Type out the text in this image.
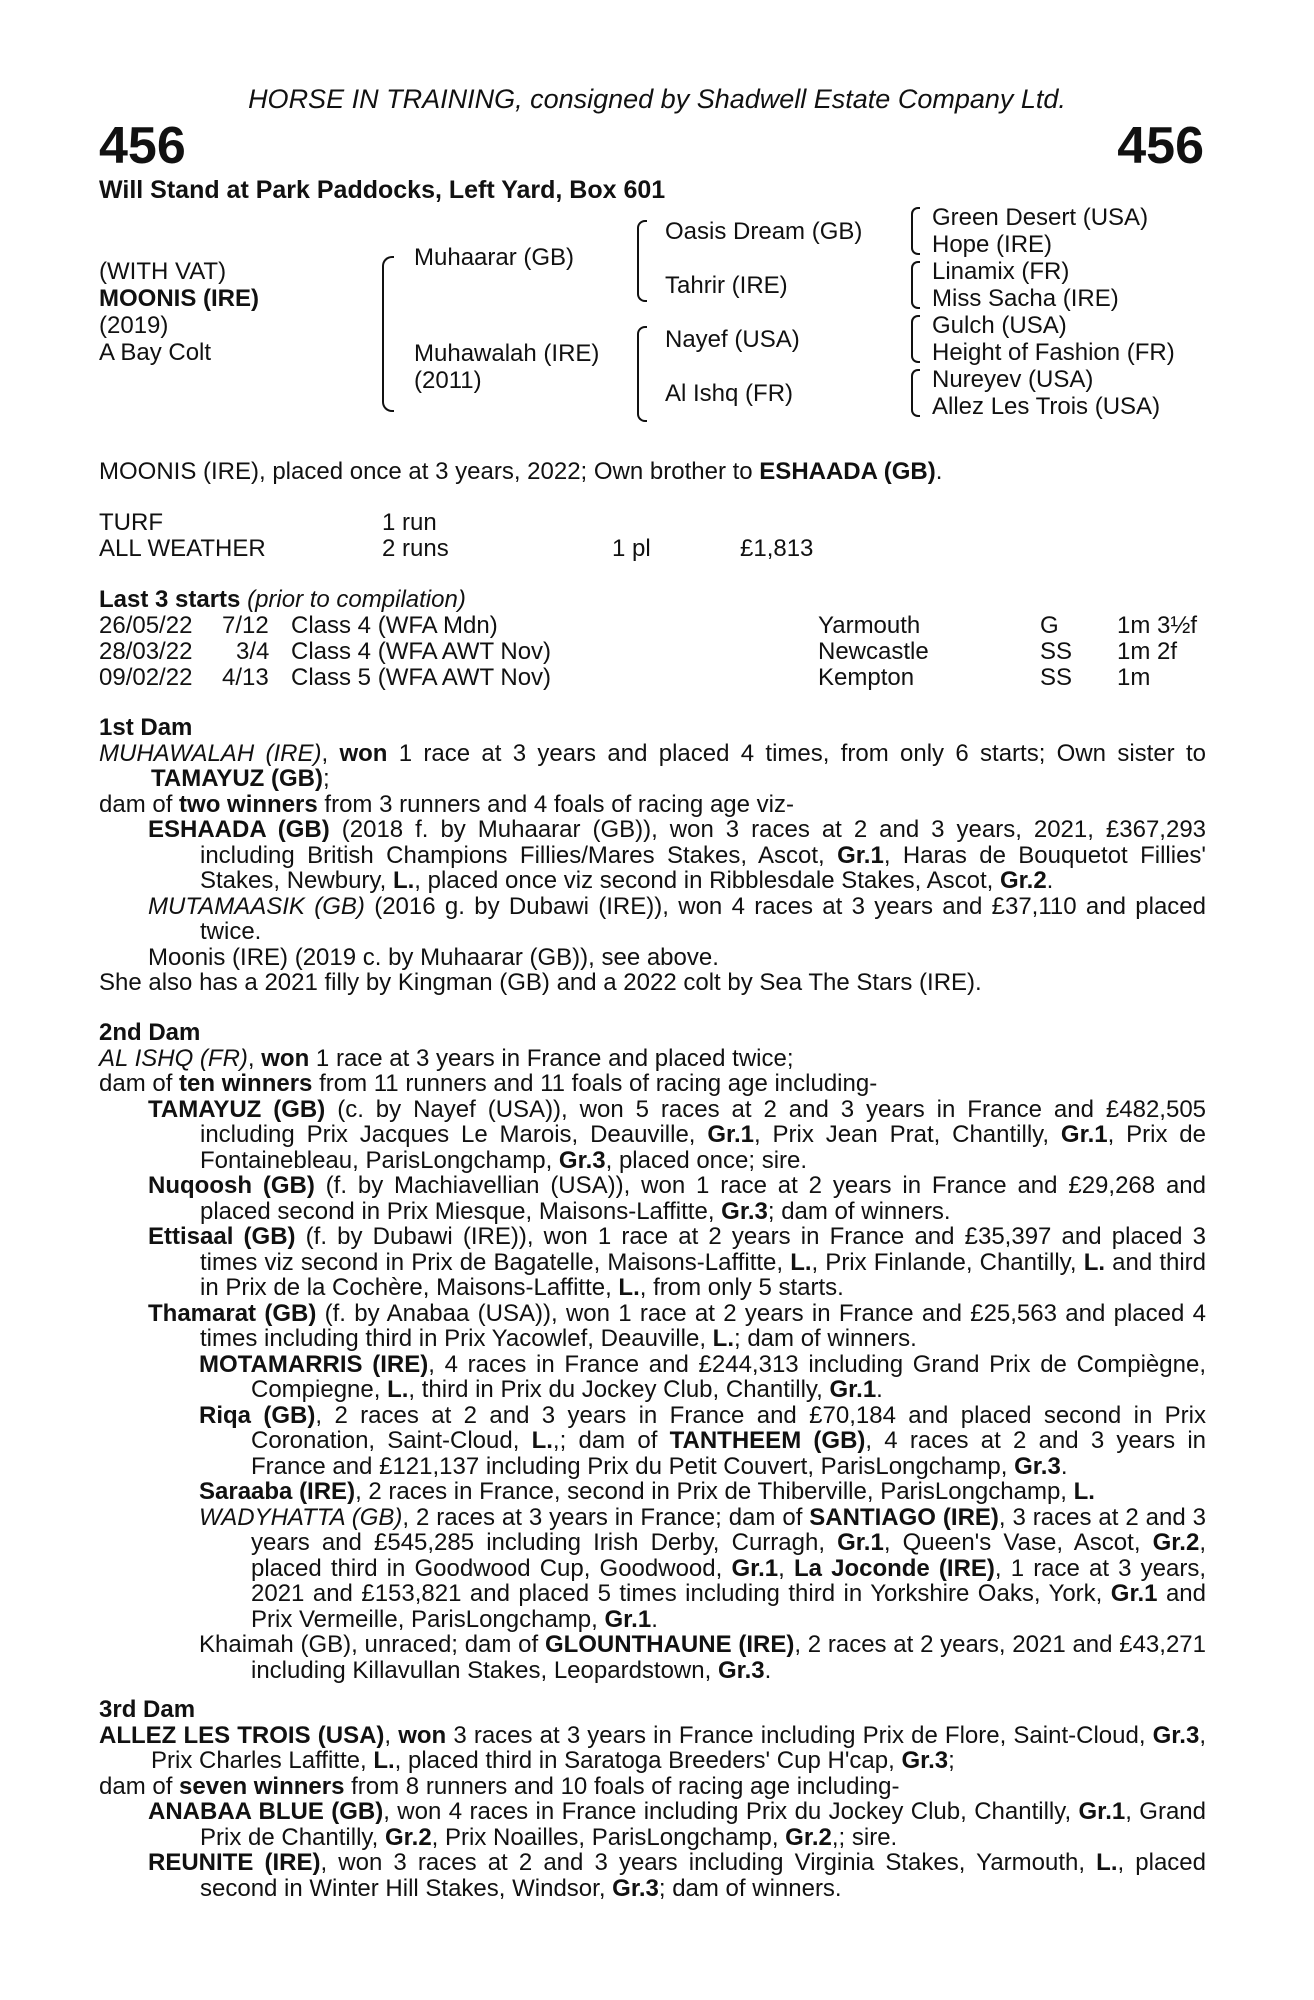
HORSE IN TRAINING, consigned by Shadwell Estate Company Ltd.
456	456
Will Stand at Park Paddocks, Left Yard, Box 601
(WITH VAT)
MOONIS (IRE)
(2019)
A Bay Colt
Muhaarar (GB)
Muhawalah (IRE)
(2011)
Oasis Dream (GB)
Tahrir (IRE)
Nayef (USA)
Al Ishq (FR)
Green Desert (USA)
Hope (IRE)
Linamix (FR)
Miss Sacha (IRE)
Gulch (USA)
Height of Fashion (FR)
Nureyev (USA)
Allez Les Trois (USA)
MOONIS (IRE), placed once at 3 years, 2022; Own brother to ESHAADA (GB).
TURF	1 run
ALL WEATHER	2 runs	1 pl	£1,813
Last 3 starts (prior to compilation)
26/05/22 7/12 Class 4 (WFA Mdn)	Yarmouth	G 1m 3½f
28/03/22 3/4 Class 4 (WFA AWT Nov)	Newcastle	SS 1m 2f
09/02/22 4/13 Class 5 (WFA AWT Nov)	Kempton	SS 1m

1st Dam

MUHAWALAH (IRE), won 1 race at 3 years and placed 4 times, from only 6 starts; Own sister to TAMAYUZ (GB);

dam of two winners from 3 runners and 4 foals of racing age viz-

ESHAADA (GB) (2018 f. by Muhaarar (GB)), won 3 races at 2 and 3 years, 2021, £367,293 including British Champions Fillies/Mares Stakes, Ascot, Gr.1, Haras de Bouquetot Fillies' Stakes, Newbury, L., placed once viz second in Ribblesdale Stakes, Ascot, Gr.2.

MUTAMAASIK (GB) (2016 g. by Dubawi (IRE)), won 4 races at 3 years and £37,110 and placed twice.

Moonis (IRE) (2019 c. by Muhaarar (GB)), see above.

She also has a 2021 filly by Kingman (GB) and a 2022 colt by Sea The Stars (IRE).

2nd Dam

AL ISHQ (FR), won 1 race at 3 years in France and placed twice;

dam of ten winners from 11 runners and 11 foals of racing age including-

TAMAYUZ (GB) (c. by Nayef (USA)), won 5 races at 2 and 3 years in France and £482,505 including Prix Jacques Le Marois, Deauville, Gr.1, Prix Jean Prat, Chantilly, Gr.1, Prix de Fontainebleau, ParisLongchamp, Gr.3, placed once; sire.

Nuqoosh (GB) (f. by Machiavellian (USA)), won 1 race at 2 years in France and £29,268 and placed second in Prix Miesque, Maisons-Laffitte, Gr.3; dam of winners.

Ettisaal (GB) (f. by Dubawi (IRE)), won 1 race at 2 years in France and £35,397 and placed 3 times viz second in Prix de Bagatelle, Maisons-Laffitte, L., Prix Finlande, Chantilly, L. and third in Prix de la Cochère, Maisons-Laffitte, L., from only 5 starts.

Thamarat (GB) (f. by Anabaa (USA)), won 1 race at 2 years in France and £25,563 and placed 4 times including third in Prix Yacowlef, Deauville, L.; dam of winners.

MOTAMARRIS (IRE), 4 races in France and £244,313 including Grand Prix de Compiègne, Compiegne, L., third in Prix du Jockey Club, Chantilly, Gr.1.

Riqa (GB), 2 races at 2 and 3 years in France and £70,184 and placed second in Prix Coronation, Saint-Cloud, L.,; dam of TANTHEEM (GB), 4 races at 2 and 3 years in France and £121,137 including Prix du Petit Couvert, ParisLongchamp, Gr.3.

Saraaba (IRE), 2 races in France, second in Prix de Thiberville, ParisLongchamp, L.

WADYHATTA (GB), 2 races at 3 years in France; dam of SANTIAGO (IRE), 3 races at 2 and 3 years and £545,285 including Irish Derby, Curragh, Gr.1, Queen's Vase, Ascot, Gr.2, placed third in Goodwood Cup, Goodwood, Gr.1, La Joconde (IRE), 1 race at 3 years, 2021 and £153,821 and placed 5 times including third in Yorkshire Oaks, York, Gr.1 and Prix Vermeille, ParisLongchamp, Gr.1.

Khaimah (GB), unraced; dam of GLOUNTHAUNE (IRE), 2 races at 2 years, 2021 and £43,271 including Killavullan Stakes, Leopardstown, Gr.3.

3rd Dam

ALLEZ LES TROIS (USA), won 3 races at 3 years in France including Prix de Flore, Saint-Cloud, Gr.3, Prix Charles Laffitte, L., placed third in Saratoga Breeders' Cup H'cap, Gr.3;

dam of seven winners from 8 runners and 10 foals of racing age including-

ANABAA BLUE (GB), won 4 races in France including Prix du Jockey Club, Chantilly, Gr.1, Grand Prix de Chantilly, Gr.2, Prix Noailles, ParisLongchamp, Gr.2,; sire.

REUNITE (IRE), won 3 races at 2 and 3 years including Virginia Stakes, Yarmouth, L., placed second in Winter Hill Stakes, Windsor, Gr.3; dam of winners.
